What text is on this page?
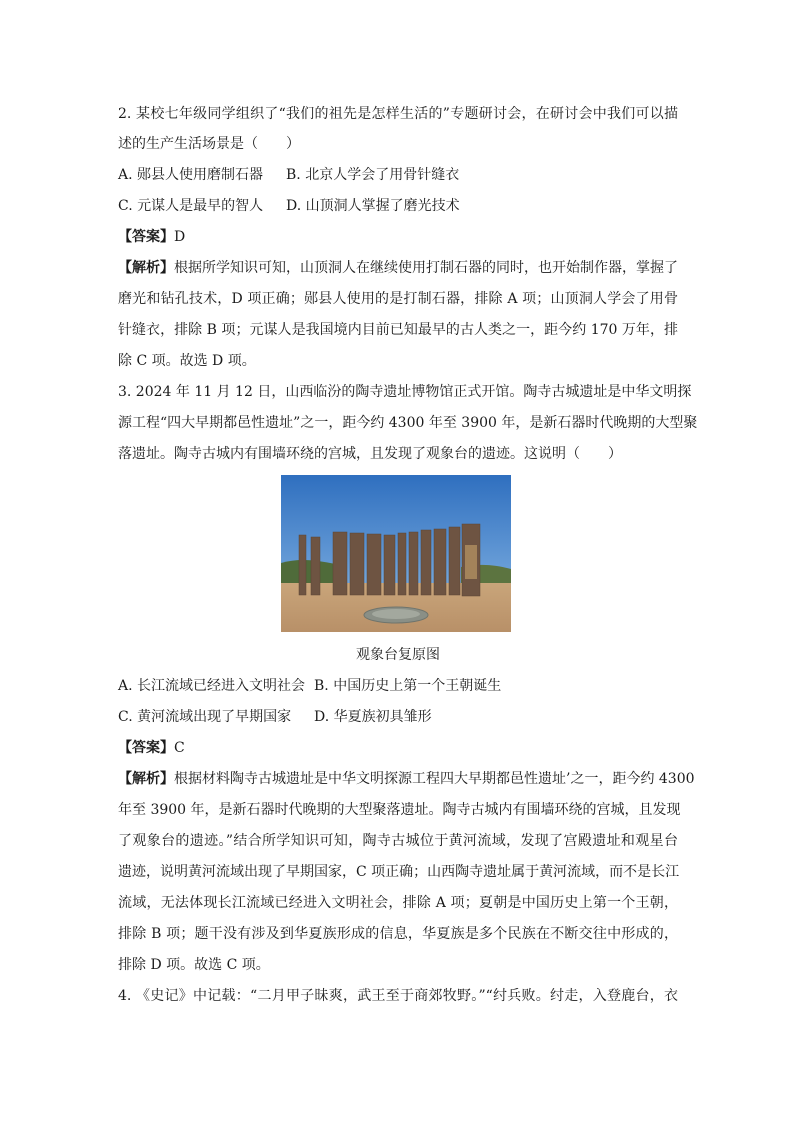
2. 某校七年级同学组织了“我们的祖先是怎样生活的”专题研讨会，在研讨会中我们可以描
述的生产生活场景是（　　）
A. 郧县人使用磨制石器 B. 北京人学会了用骨针缝衣
C. 元谋人是最早的智人 D. 山顶洞人掌握了磨光技术
【答案】D
【解析】根据所学知识可知，山顶洞人在继续使用打制石器的同时，也开始制作器，掌握了
磨光和钻孔技术，D 项正确；郧县人使用的是打制石器，排除 A 项；山顶洞人学会了用骨
针缝衣，排除 B 项；元谋人是我国境内目前已知最早的古人类之一，距今约 170 万年，排
除 C 项。故选 D 项。
3. 2024 年 11 月 12 日，山西临汾的陶寺遗址博物馆正式开馆。陶寺古城遗址是中华文明探
源工程“四大早期都邑性遗址”之一，距今约 4300 年至 3900 年，是新石器时代晚期的大型聚
落遗址。陶寺古城内有围墙环绕的宫城，且发现了观象台的遗迹。这说明（　　）
观象台复原图
A. 长江流域已经进入文明社会 B. 中国历史上第一个王朝诞生
C. 黄河流域出现了早期国家 D. 华夏族初具雏形
【答案】C
【解析】根据材料陶寺古城遗址是中华文明探源工程四大早期都邑性遗址’之一，距今约 4300
年至 3900 年，是新石器时代晚期的大型聚落遗址。陶寺古城内有围墙环绕的宫城，且发现
了观象台的遗迹。”结合所学知识可知，陶寺古城位于黄河流域，发现了宫殿遗址和观星台
遗迹，说明黄河流域出现了早期国家，C 项正确；山西陶寺遗址属于黄河流域，而不是长江
流域，无法体现长江流域已经进入文明社会，排除 A 项；夏朝是中国历史上第一个王朝，
排除 B 项；题干没有涉及到华夏族形成的信息，华夏族是多个民族在不断交往中形成的，
排除 D 项。故选 C 项。
4. 《史记》中记载：“二月甲子昧爽，武王至于商郊牧野。”“纣兵败。纣走，入登鹿台，衣
